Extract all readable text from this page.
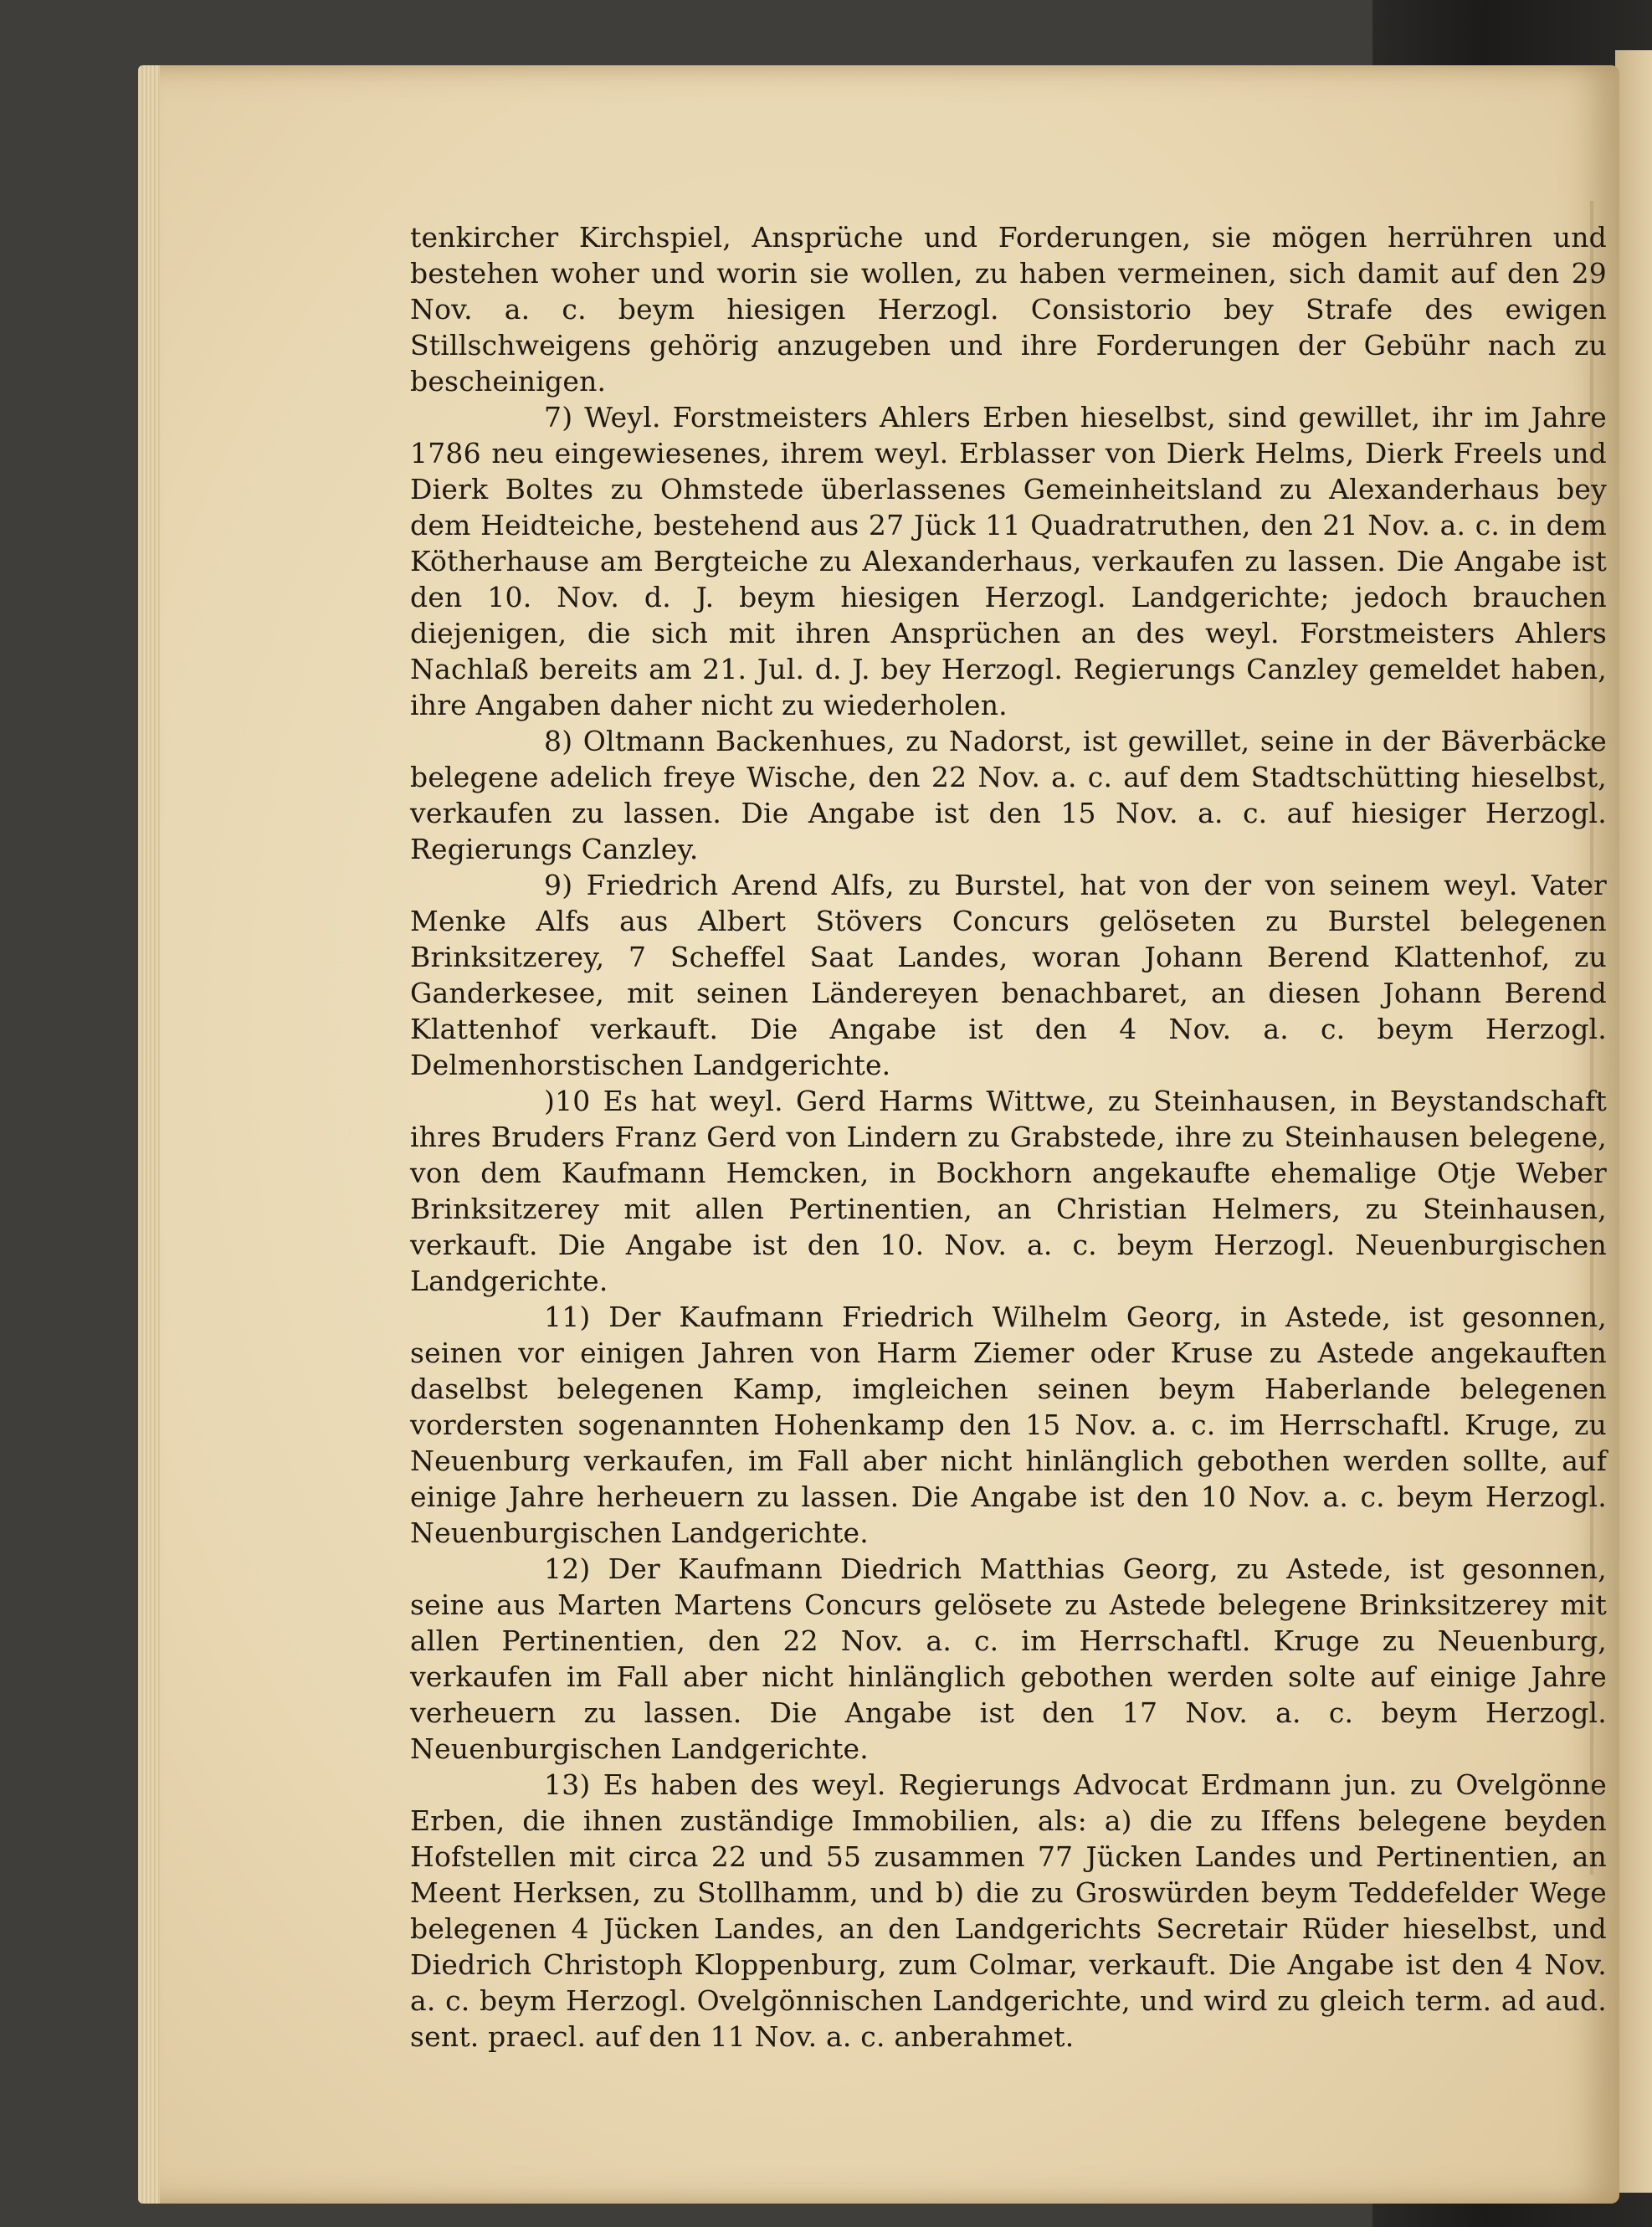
tenkircher Kirchspiel, Ansprüche und Forderungen, sie mögen herrühren und bestehen woher und worin sie wollen, zu haben vermeinen, sich damit auf den 29 Nov. a. c. beym hiesigen Herzogl. Consistorio bey Strafe des ewigen Stillschweigens gehörig anzugeben und ihre Forderungen der Gebühr nach zu bescheinigen.

7) Weyl. Forstmeisters Ahlers Erben hieselbst, sind gewillet, ihr im Jahre 1786 neu eingewiesenes, ihrem weyl. Erblasser von Dierk Helms, Dierk Freels und Dierk Boltes zu Ohmstede überlassenes Gemeinheitsland zu Alexanderhaus bey dem Heidteiche, bestehend aus 27 Jück 11 Quadratruthen, den 21 Nov. a. c. in dem Kötherhause am Bergteiche zu Alexanderhaus, verkaufen zu lassen. Die Angabe ist den 10. Nov. d. J. beym hiesigen Herzogl. Landgerichte; jedoch brauchen diejenigen, die sich mit ihren Ansprüchen an des weyl. Forstmeisters Ahlers Nachlaß bereits am 21. Jul. d. J. bey Herzogl. Regierungs Canzley gemeldet haben, ihre Angaben daher nicht zu wiederholen.

8) Oltmann Backenhues, zu Nadorst, ist gewillet, seine in der Bäverbäcke belegene adelich freye Wische, den 22 Nov. a. c. auf dem Stadtschütting hieselbst, verkaufen zu lassen. Die Angabe ist den 15 Nov. a. c. auf hiesiger Herzogl. Regierungs Canzley.

9) Friedrich Arend Alfs, zu Burstel, hat von der von seinem weyl. Vater Menke Alfs aus Albert Stövers Concurs gelöseten zu Burstel belegenen Brinksitzerey, 7 Scheffel Saat Landes, woran Johann Berend Klattenhof, zu Ganderkesee, mit seinen Ländereyen benachbaret, an diesen Johann Berend Klattenhof verkauft. Die Angabe ist den 4 Nov. a. c. beym Herzogl. Delmenhorstischen Landgerichte.

)10 Es hat weyl. Gerd Harms Wittwe, zu Steinhausen, in Beystandschaft ihres Bruders Franz Gerd von Lindern zu Grabstede, ihre zu Steinhausen belegene, von dem Kaufmann Hemcken, in Bockhorn angekaufte ehemalige Otje Weber Brinksitzerey mit allen Pertinentien, an Christian Helmers, zu Steinhausen, verkauft. Die Angabe ist den 10. Nov. a. c. beym Herzogl. Neuenburgischen Landgerichte.

11) Der Kaufmann Friedrich Wilhelm Georg, in Astede, ist gesonnen, seinen vor einigen Jahren von Harm Ziemer oder Kruse zu Astede angekauften daselbst belegenen Kamp, imgleichen seinen beym Haberlande belegenen vordersten sogenannten Hohenkamp den 15 Nov. a. c. im Herrschaftl. Kruge, zu Neuenburg verkaufen, im Fall aber nicht hinlänglich gebothen werden sollte, auf einige Jahre herheuern zu lassen. Die Angabe ist den 10 Nov. a. c. beym Herzogl. Neuenburgischen Landgerichte.

12) Der Kaufmann Diedrich Matthias Georg, zu Astede, ist gesonnen, seine aus Marten Martens Concurs gelösete zu Astede belegene Brinksitzerey mit allen Pertinentien, den 22 Nov. a. c. im Herrschaftl. Kruge zu Neuenburg, verkaufen im Fall aber nicht hinlänglich gebothen werden solte auf einige Jahre verheuern zu lassen. Die Angabe ist den 17 Nov. a. c. beym Herzogl. Neuenburgischen Landgerichte.

13) Es haben des weyl. Regierungs Advocat Erdmann jun. zu Ovelgönne Erben, die ihnen zuständige Immobilien, als: a) die zu Iffens belegene beyden Hofstellen mit circa 22 und 55 zusammen 77 Jücken Landes und Pertinentien, an Meent Herksen, zu Stollhamm, und b) die zu Groswürden beym Teddefelder Wege belegenen 4 Jücken Landes, an den Landgerichts Secretair Rüder hieselbst, und Diedrich Christoph Kloppenburg, zum Colmar, verkauft. Die Angabe ist den 4 Nov. a. c. beym Herzogl. Ovelgönnischen Landgerichte, und wird zu gleich term. ad aud. sent. praecl. auf den 11 Nov. a. c. anberahmet.
